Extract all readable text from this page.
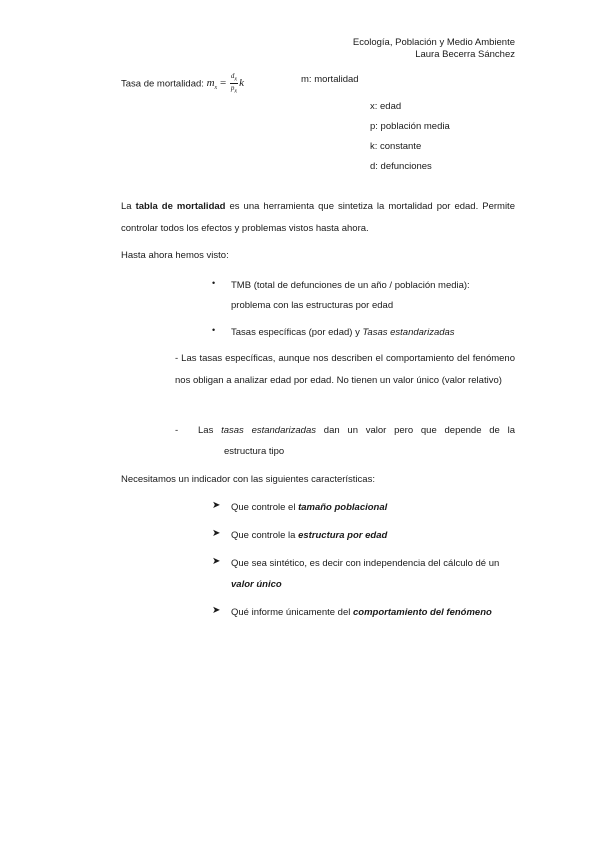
Ecología, Población y Medio Ambiente
Laura Becerra Sánchez
Tasa de mortalidad: $m_x = \frac{d_x}{p_x}$ k	m: mortalidad
x: edad
p: población media
k: constante
d: defunciones
La tabla de mortalidad es una herramienta que sintetiza la mortalidad por edad. Permite controlar todos los efectos y problemas vistos hasta ahora.
Hasta ahora hemos visto:
• TMB (total de defunciones de un año / población media):
problema con las estructuras por edad
• Tasas específicas (por edad) y Tasas estandarizadas
- Las tasas específicas, aunque nos describen el comportamiento del fenómeno nos obligan a analizar edad por edad. No tienen un valor único (valor relativo)
- Las tasas estandarizadas dan un valor pero que depende de la
estructura tipo
Necesitamos un indicador con las siguientes características:
➤ Que controle el tamaño poblacional
➤ Que controle la estructura por edad
➤ Que sea sintético, es decir con independencia del cálculo dé un
valor único
➤ Qué informe únicamente del comportamiento del fenómeno
